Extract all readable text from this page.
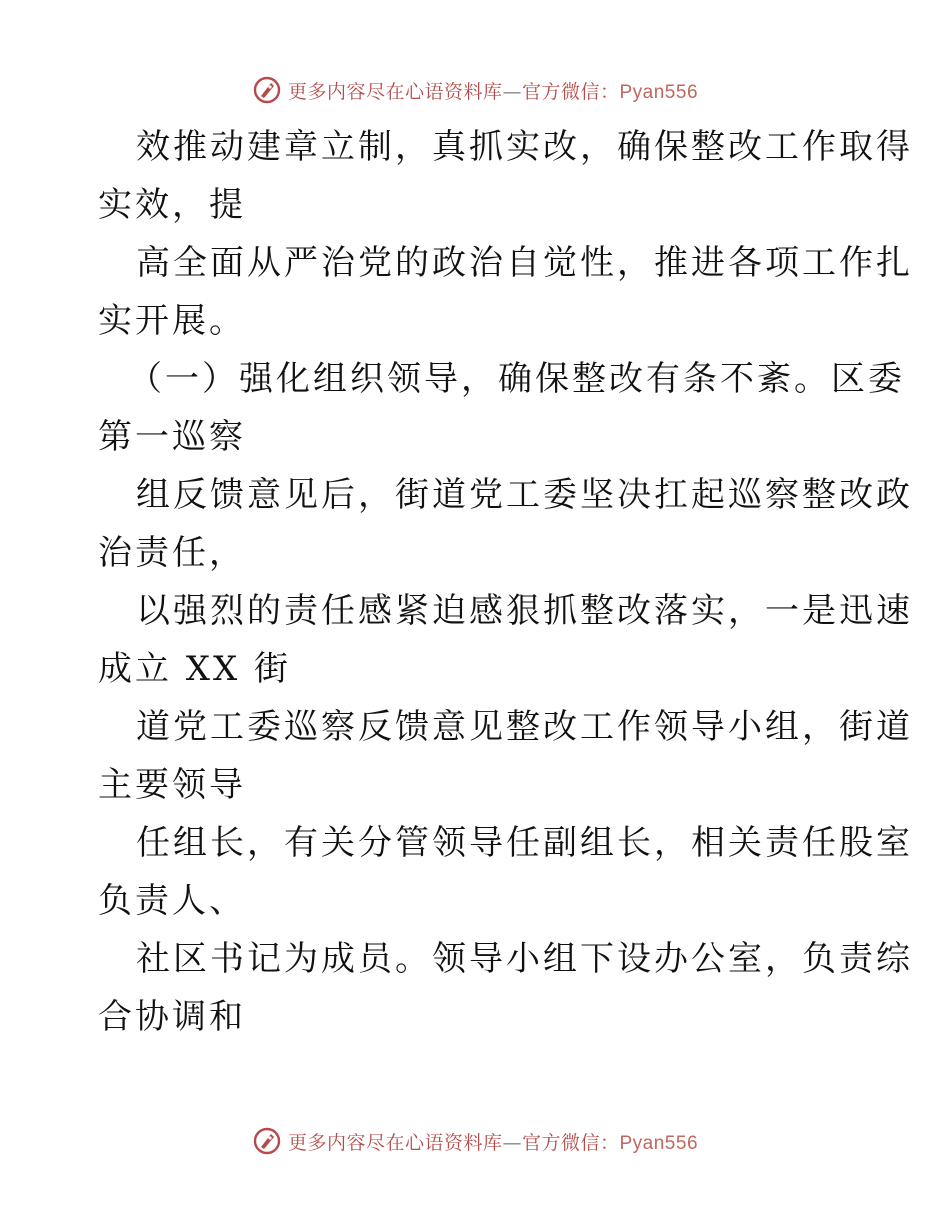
更多内容尽在心语资料库—官方微信：Pyan556
效推动建章立制，真抓实改，确保整改工作取得
实效，提
高全面从严治党的政治自觉性，推进各项工作扎
实开展。
（一）强化组织领导，确保整改有条不紊。区委
第一巡察
组反馈意见后，街道党工委坚决扛起巡察整改政
治责任，
以强烈的责任感紧迫感狠抓整改落实，一是迅速
成立 XX 街
道党工委巡察反馈意见整改工作领导小组，街道
主要领导
任组长，有关分管领导任副组长，相关责任股室
负责人、
社区书记为成员。领导小组下设办公室，负责综
合协调和
更多内容尽在心语资料库—官方微信：Pyan556
